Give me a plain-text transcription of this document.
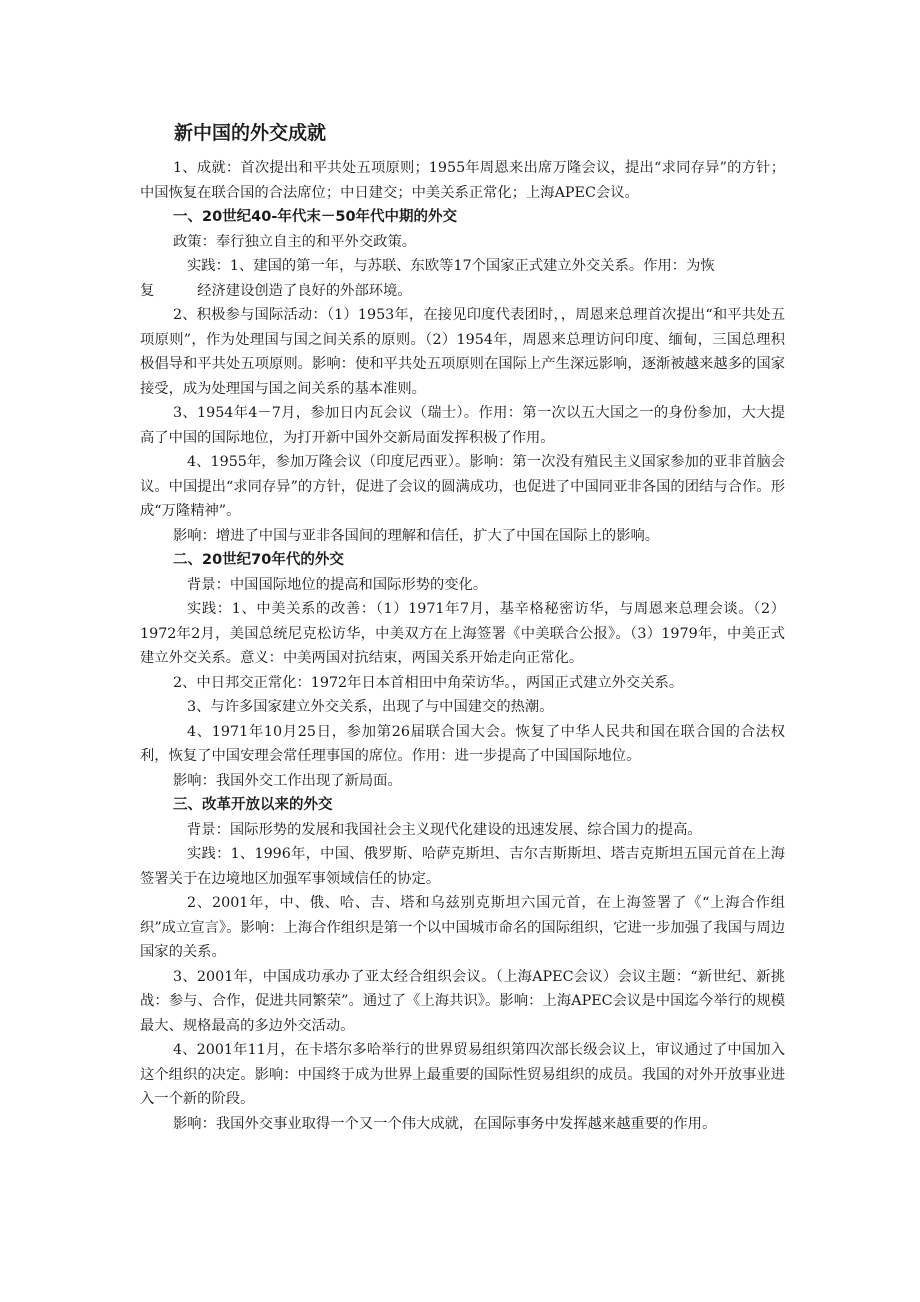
新中国的外交成就

1、成就：首次提出和平共处五项原则；1955年周恩来出席万隆会议，提出“求同存异”的方针；中国恢复在联合国的合法席位；中日建交；中美关系正常化；上海APEC会议。

一、20世纪40-年代末－50年代中期的外交

政策：奉行独立自主的和平外交政策。

实践：1、建国的第一年，与苏联、东欧等17个国家正式建立外交关系。作用：为恢

复　　　经济建设创造了良好的外部环境。

2、积极参与国际活动：（1）1953年，在接见印度代表团时，，周恩来总理首次提出“和平共处五项原则”，作为处理国与国之间关系的原则。（2）1954年，周恩来总理访问印度、缅甸，三国总理积极倡导和平共处五项原则。影响：使和平共处五项原则在国际上产生深远影响，逐渐被越来越多的国家接受，成为处理国与国之间关系的基本准则。

3、1954年4－7月，参加日内瓦会议（瑞士）。作用：第一次以五大国之一的身份参加，大大提高了中国的国际地位，为打开新中国外交新局面发挥积极了作用。

4、1955年，参加万隆会议（印度尼西亚）。影响：第一次没有殖民主义国家参加的亚非首脑会议。中国提出“求同存异”的方针，促进了会议的圆满成功，也促进了中国同亚非各国的团结与合作。形成“万隆精神”。

影响：增进了中国与亚非各国间的理解和信任，扩大了中国在国际上的影响。

二、20世纪70年代的外交

背景：中国国际地位的提高和国际形势的变化。

实践：1、中美关系的改善：（1）1971年7月，基辛格秘密访华，与周恩来总理会谈。（2）1972年2月，美国总统尼克松访华，中美双方在上海签署《中美联合公报》。（3）1979年，中美正式建立外交关系。意义：中美两国对抗结束，两国关系开始走向正常化。

2、中日邦交正常化：1972年日本首相田中角荣访华。，两国正式建立外交关系。

3、与许多国家建立外交关系，出现了与中国建交的热潮。

4、1971年10月25日，参加第26届联合国大会。恢复了中华人民共和国在联合国的合法权利，恢复了中国安理会常任理事国的席位。作用：进一步提高了中国国际地位。

影响：我国外交工作出现了新局面。

三、改革开放以来的外交

背景：国际形势的发展和我国社会主义现代化建设的迅速发展、综合国力的提高。

实践：1、1996年，中国、俄罗斯、哈萨克斯坦、吉尔吉斯斯坦、塔吉克斯坦五国元首在上海签署关于在边境地区加强军事领域信任的协定。

2、2001年，中、俄、哈、吉、塔和乌兹别克斯坦六国元首，在上海签署了《“上海合作组织”成立宣言》。影响：上海合作组织是第一个以中国城市命名的国际组织，它进一步加强了我国与周边国家的关系。

3、2001年，中国成功承办了亚太经合组织会议。（上海APEC会议）会议主题：“新世纪、新挑战：参与、合作，促进共同繁荣”。通过了《上海共识》。影响：上海APEC会议是中国迄今举行的规模最大、规格最高的多边外交活动。

4、2001年11月，在卡塔尔多哈举行的世界贸易组织第四次部长级会议上，审议通过了中国加入这个组织的决定。影响：中国终于成为世界上最重要的国际性贸易组织的成员。我国的对外开放事业进入一个新的阶段。

影响：我国外交事业取得一个又一个伟大成就，在国际事务中发挥越来越重要的作用。
